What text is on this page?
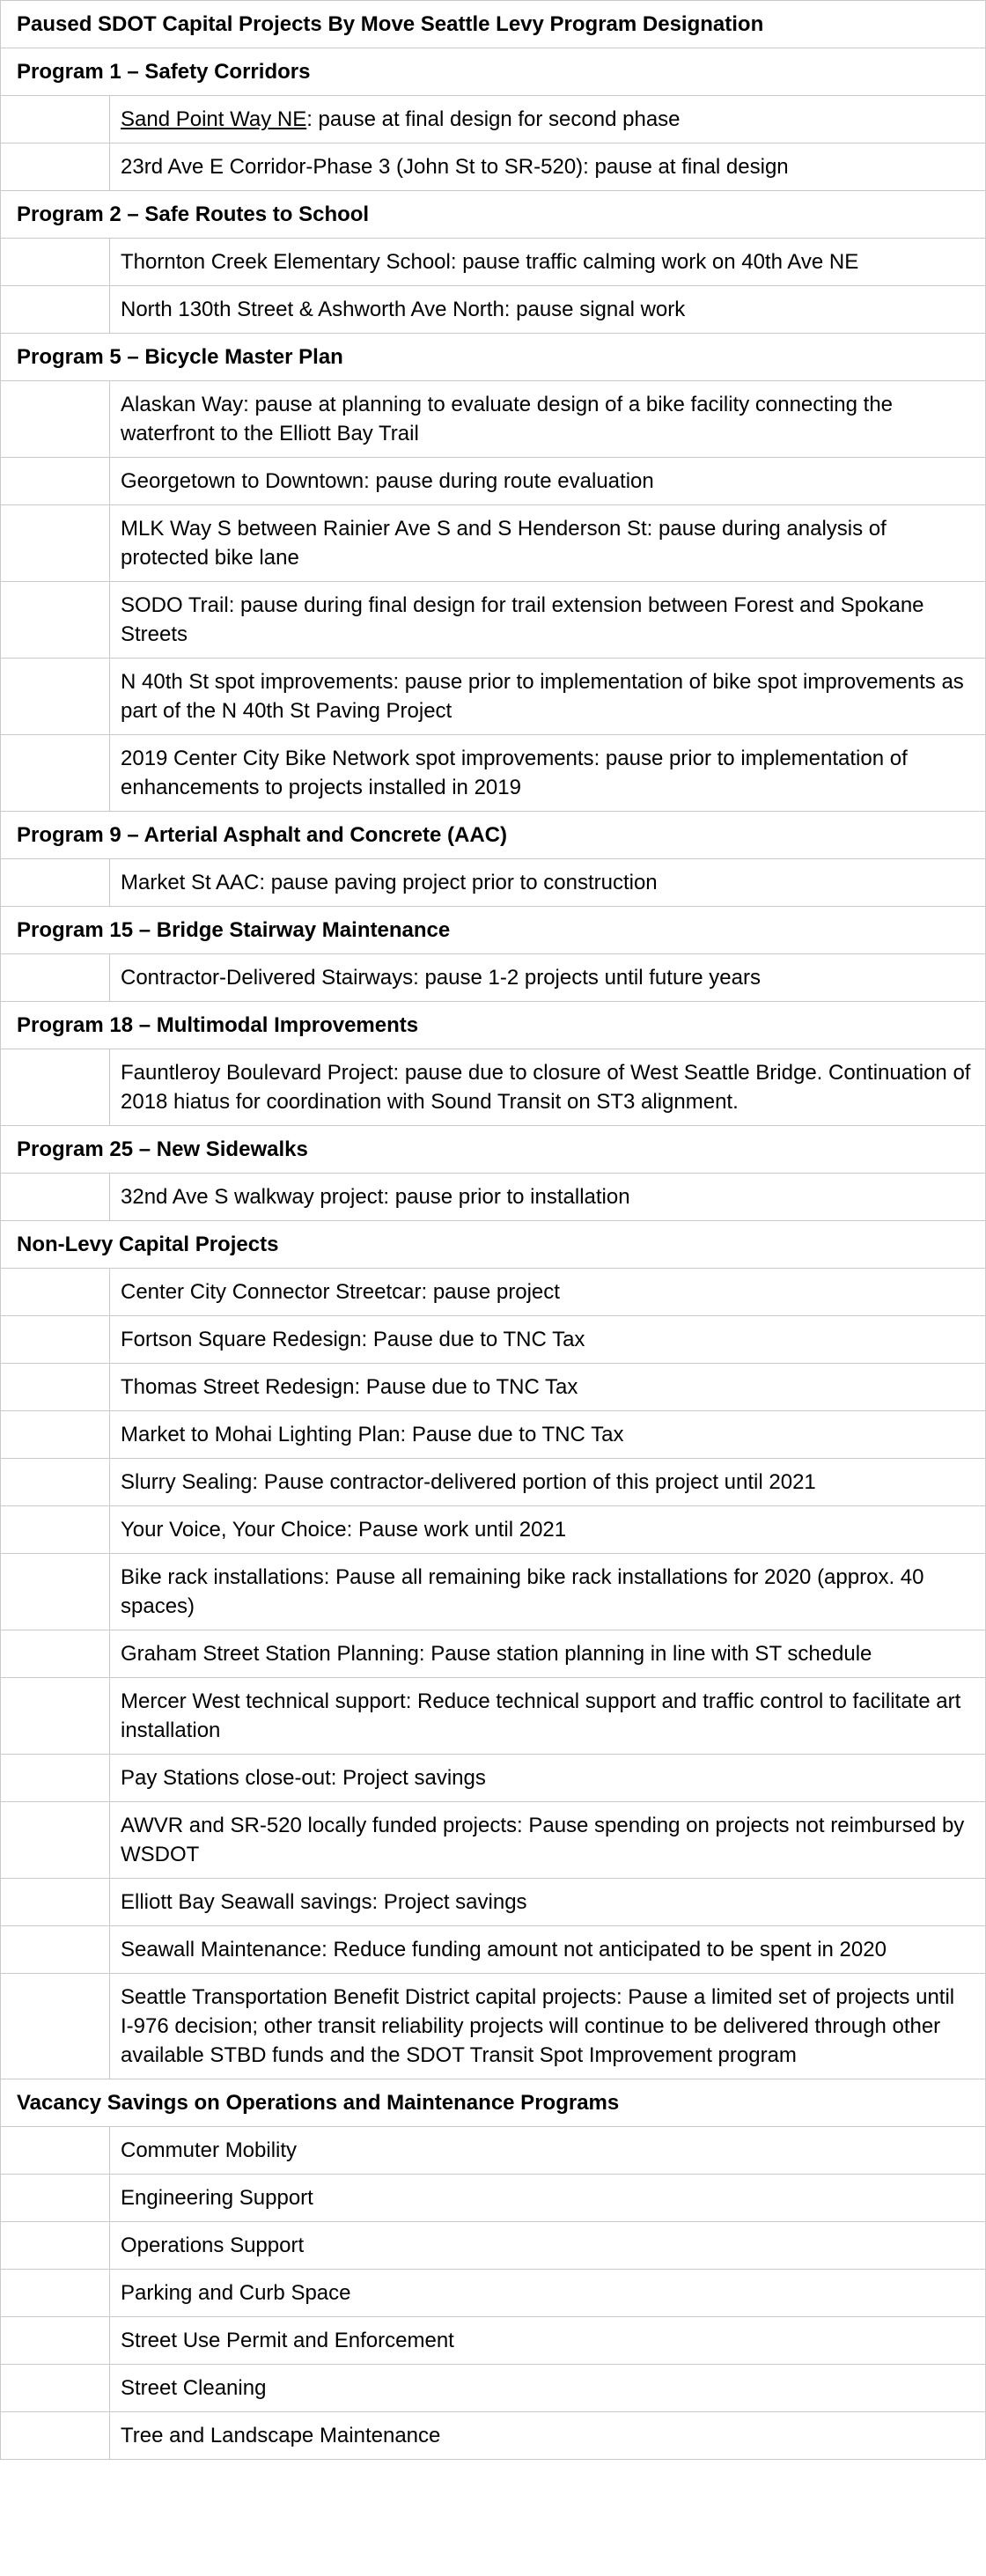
Paused SDOT Capital Projects By Move Seattle Levy Program Designation	
Program 1 – Safety Corridors	
	Sand Point Way NE: pause at final design for second phase
	23rd Ave E Corridor-Phase 3 (John St to SR-520): pause at final design
Program 2 – Safe Routes to School	
	Thornton Creek Elementary School: pause traffic calming work on 40th Ave NE
	North 130th Street & Ashworth Ave North: pause signal work
Program 5 – Bicycle Master Plan	
	Alaskan Way: pause at planning to evaluate design of a bike facility connecting the waterfront to the Elliott Bay Trail
	Georgetown to Downtown: pause during route evaluation
	MLK Way S between Rainier Ave S and S Henderson St: pause during analysis of protected bike lane
	SODO Trail: pause during final design for trail extension between Forest and Spokane Streets
	N 40th St spot improvements: pause prior to implementation of bike spot improvements as part of the N 40th St Paving Project
	2019 Center City Bike Network spot improvements: pause prior to implementation of enhancements to projects installed in 2019
Program 9 – Arterial Asphalt and Concrete (AAC)	
	Market St AAC: pause paving project prior to construction
Program 15 – Bridge Stairway Maintenance	
	Contractor-Delivered Stairways: pause 1-2 projects until future years
Program 18 – Multimodal Improvements	
	Fauntleroy Boulevard Project: pause due to closure of West Seattle Bridge. Continuation of 2018 hiatus for coordination with Sound Transit on ST3 alignment.
Program 25 – New Sidewalks	
	32nd Ave S walkway project: pause prior to installation
Non-Levy Capital Projects	
	Center City Connector Streetcar: pause project
	Fortson Square Redesign: Pause due to TNC Tax
	Thomas Street Redesign: Pause due to TNC Tax
	Market to Mohai Lighting Plan: Pause due to TNC Tax
	Slurry Sealing: Pause contractor-delivered portion of this project until 2021
	Your Voice, Your Choice: Pause work until 2021
	Bike rack installations: Pause all remaining bike rack installations for 2020 (approx. 40 spaces)
	Graham Street Station Planning: Pause station planning in line with ST schedule
	Mercer West technical support: Reduce technical support and traffic control to facilitate art installation
	Pay Stations close-out: Project savings
	AWVR and SR-520 locally funded projects: Pause spending on projects not reimbursed by WSDOT
	Elliott Bay Seawall savings: Project savings
	Seawall Maintenance: Reduce funding amount not anticipated to be spent in 2020
	Seattle Transportation Benefit District capital projects: Pause a limited set of projects until I-976 decision; other transit reliability projects will continue to be delivered through other available STBD funds and the SDOT Transit Spot Improvement program
Vacancy Savings on Operations and Maintenance Programs	
	Commuter Mobility
	Engineering Support
	Operations Support
	Parking and Curb Space
	Street Use Permit and Enforcement
	Street Cleaning
	Tree and Landscape Maintenance
